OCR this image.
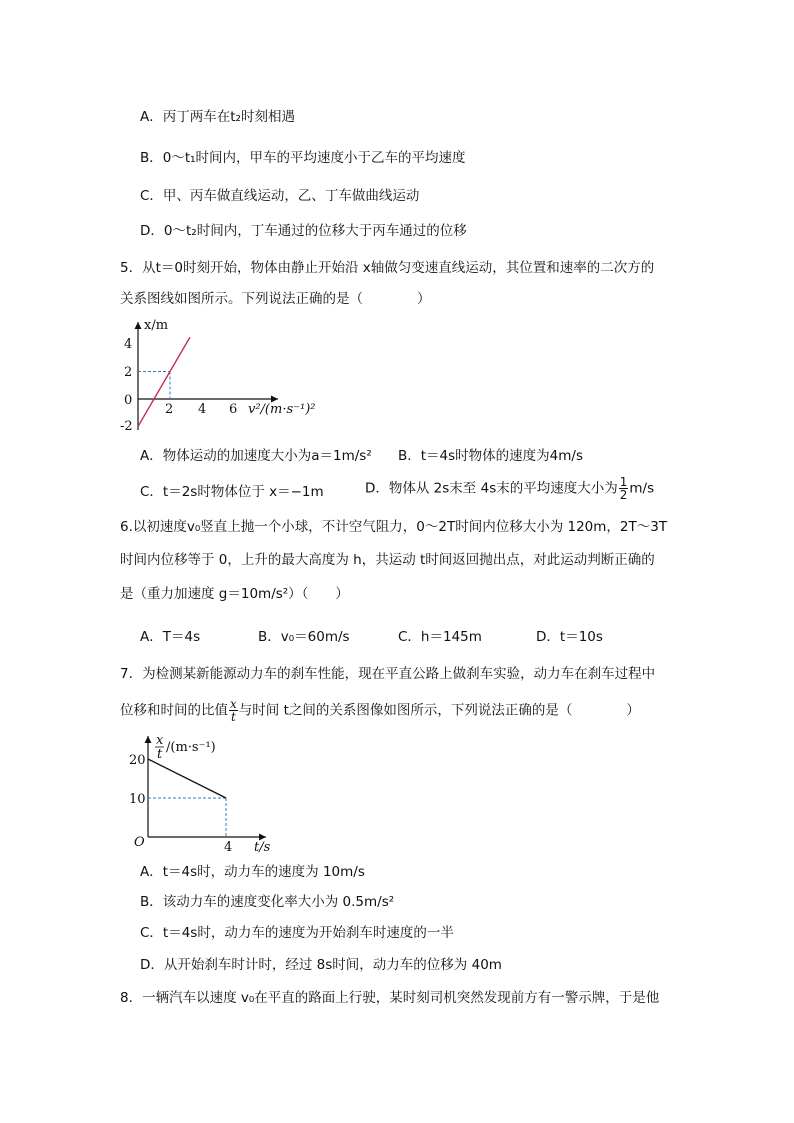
A．丙丁两车在t₂时刻相遇
B．0～t₁时间内，甲车的平均速度小于乙车的平均速度
C．甲、丙车做直线运动，乙、丁车做曲线运动
D．0～t₂时间内，丁车通过的位移大于丙车通过的位移
5．从t＝0时刻开始，物体由静止开始沿 x轴做匀变速直线运动，其位置和速率的二次方的
关系图线如图所示。下列说法正确的是（　　　　）
x/m
4
2
0
-2
2 4 6 v²/(m·s⁻¹)²
A．物体运动的加速度大小为a＝1m/s² B．t＝4s时物体的速度为4m/s
C．t＝2s时物体位于 x＝−1m	D．物体从 2s末至 4s末的平均速度大小为 $\frac{1}{2} m/s$
6.以初速度v₀竖直上抛一个小球，不计空气阻力，0～2T时间内位移大小为 120m，2T～3T
时间内位移等于 0，上升的最大高度为 h，共运动 t时间返回抛出点，对此运动判断正确的
是（重力加速度 g＝10m/s²）（　　）
A．T＝4s	B．v₀＝60m/s	C．h＝145m	D．t＝10s
7．为检测某新能源动力车的刹车性能，现在平直公路上做刹车实验，动力车在刹车过程中
位移和时间的比值 $\frac{x}{t}$ 与时间 t之间的关系图像如图所示，下列说法正确的是（　　　　）
x
t /(m·s⁻¹)
20
10
O	4 t/s
A．t＝4s时，动力车的速度为 10m/s
B．该动力车的速度变化率大小为 0.5m/s²
C．t＝4s时，动力车的速度为开始刹车时速度的一半
D．从开始刹车时计时，经过 8s时间，动力车的位移为 40m
8．一辆汽车以速度 v₀在平直的路面上行驶，某时刻司机突然发现前方有一警示牌，于是他
